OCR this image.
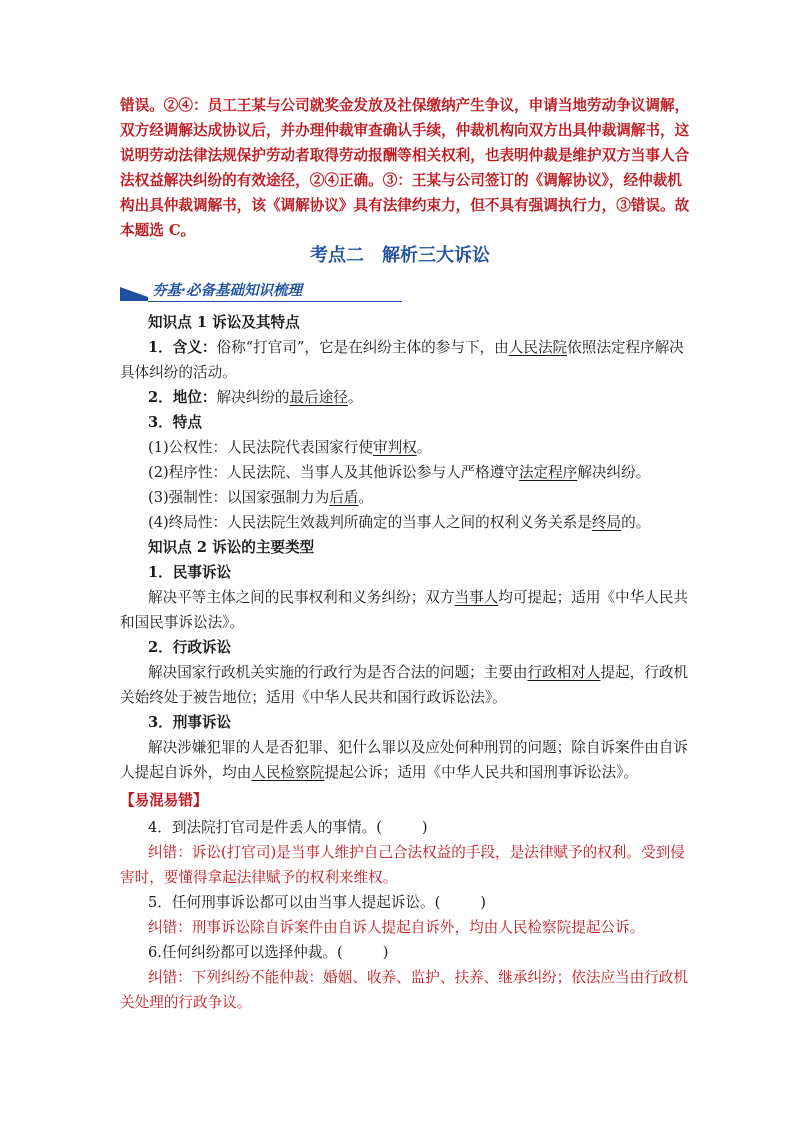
错误。②④：员工王某与公司就奖金发放及社保缴纳产生争议，申请当地劳动争议调解，
双方经调解达成协议后，并办理仲裁审查确认手续，仲裁机构向双方出具仲裁调解书，这
说明劳动法律法规保护劳动者取得劳动报酬等相关权利，也表明仲裁是维护双方当事人合
法权益解决纠纷的有效途径，②④正确。③：王某与公司签订的《调解协议》，经仲裁机
构出具仲裁调解书，该《调解协议》具有法律约束力，但不具有强调执行力，③错误。故
本题选 C。
考点二 解析三大诉讼
夯基·必备基础知识梳理
知识点 1 诉讼及其特点
1．含义：俗称“打官司”，它是在纠纷主体的参与下，由人民法院依照法定程序解决
具体纠纷的活动。
2．地位：解决纠纷的最后途径。
3．特点
(1)公权性：人民法院代表国家行使审判权。
(2)程序性：人民法院、当事人及其他诉讼参与人严格遵守法定程序解决纠纷。
(3)强制性：以国家强制力为后盾。
(4)终局性：人民法院生效裁判所确定的当事人之间的权利义务关系是终局的。
知识点 2 诉讼的主要类型
1．民事诉讼
解决平等主体之间的民事权利和义务纠纷；双方当事人均可提起；适用《中华人民共
和国民事诉讼法》。
2．行政诉讼
解决国家行政机关实施的行政行为是否合法的问题；主要由行政相对人提起，行政机
关始终处于被告地位；适用《中华人民共和国行政诉讼法》。
3．刑事诉讼
解决涉嫌犯罪的人是否犯罪、犯什么罪以及应处何种刑罚的问题；除自诉案件由自诉
人提起自诉外，均由人民检察院提起公诉；适用《中华人民共和国刑事诉讼法》。
【易混易错】
4．到法院打官司是件丢人的事情。(	)
纠错：诉讼(打官司)是当事人维护自己合法权益的手段，是法律赋予的权利。受到侵
害时，要懂得拿起法律赋予的权利来维权。
5．任何刑事诉讼都可以由当事人提起诉讼。(	)
纠错：刑事诉讼除自诉案件由自诉人提起自诉外，均由人民检察院提起公诉。
6.任何纠纷都可以选择仲裁。(	)
纠错：下列纠纷不能仲裁：婚姻、收养、监护、扶养、继承纠纷；依法应当由行政机
关处理的行政争议。
